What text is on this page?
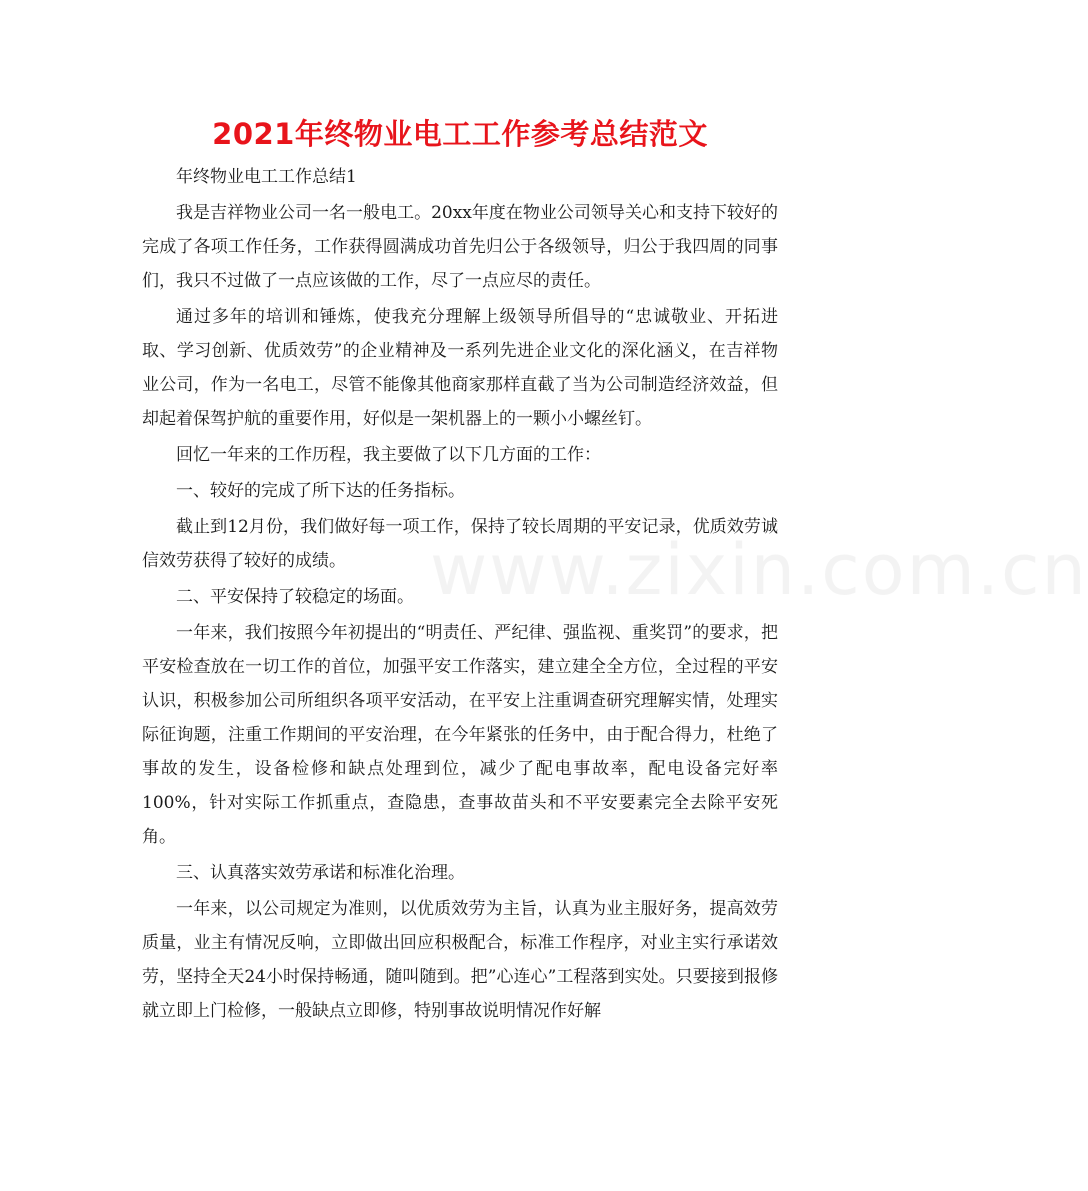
2021年终物业电工工作参考总结范文

年终物业电工工作总结1

我是吉祥物业公司一名一般电工。20xx年度在物业公司领导关心和支持下较好的完成了各项工作任务，工作获得圆满成功首先归公于各级领导，归公于我四周的同事们，我只不过做了一点应该做的工作，尽了一点应尽的责任。

通过多年的培训和锤炼，使我充分理解上级领导所倡导的“忠诚敬业、开拓进取、学习创新、优质效劳”的企业精神及一系列先进企业文化的深化涵义，在吉祥物业公司，作为一名电工，尽管不能像其他商家那样直截了当为公司制造经济效益，但却起着保驾护航的重要作用，好似是一架机器上的一颗小小螺丝钉。

回忆一年来的工作历程，我主要做了以下几方面的工作：

一、较好的完成了所下达的任务指标。

截止到12月份，我们做好每一项工作，保持了较长周期的平安记录，优质效劳诚信效劳获得了较好的成绩。

二、平安保持了较稳定的场面。

一年来，我们按照今年初提出的“明责任、严纪律、强监视、重奖罚”的要求，把平安检查放在一切工作的首位，加强平安工作落实，建立建全全方位，全过程的平安认识，积极参加公司所组织各项平安活动，在平安上注重调查研究理解实情，处理实际征询题，注重工作期间的平安治理，在今年紧张的任务中，由于配合得力，杜绝了事故的发生，设备检修和缺点处理到位，减少了配电事故率，配电设备完好率100%，针对实际工作抓重点，查隐患，查事故苗头和不平安要素完全去除平安死角。

三、认真落实效劳承诺和标准化治理。

一年来，以公司规定为准则，以优质效劳为主旨，认真为业主服好务，提高效劳质量，业主有情况反响，立即做出回应积极配合，标准工作程序，对业主实行承诺效劳，坚持全天24小时保持畅通，随叫随到。把”心连心”工程落到实处。只要接到报修就立即上门检修，一般缺点立即修，特别事故说明情况作好解

www.zixin.com.cn
